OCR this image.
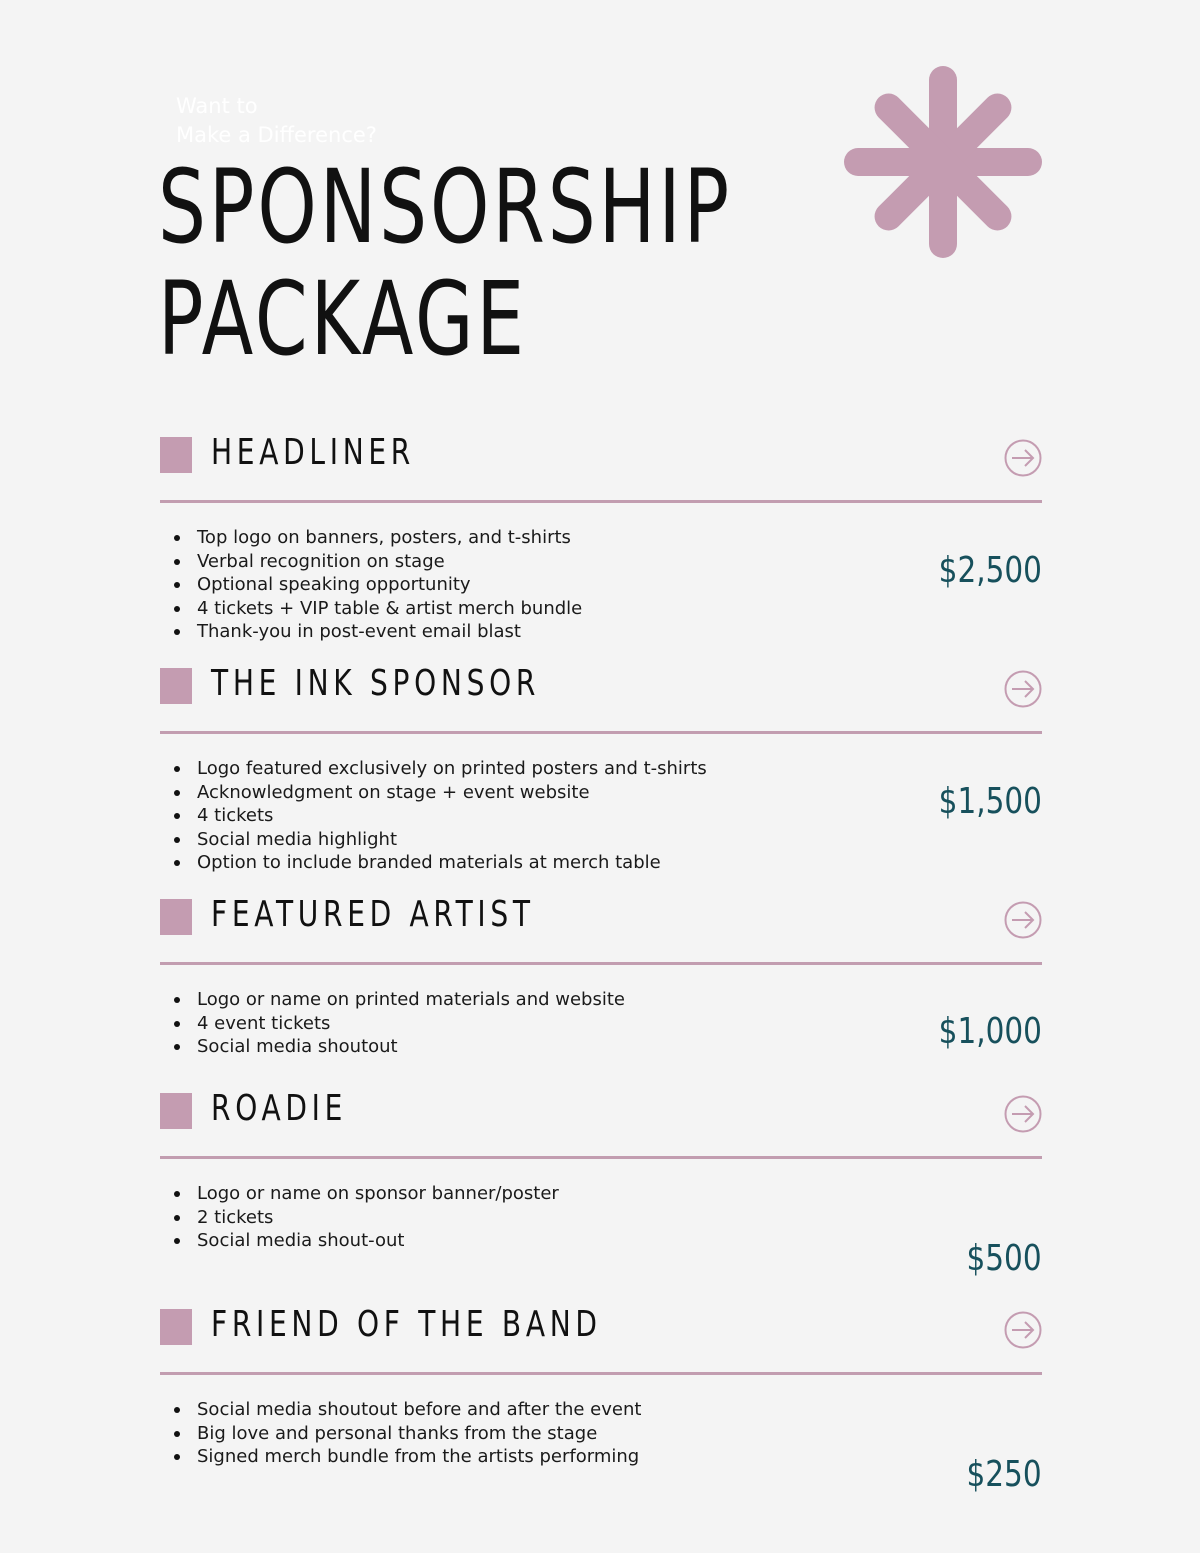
Want to
Make a Difference?
SPONSORSHIP
PACKAGE
HEADLINER
Top logo on banners, posters, and t-shirts
Verbal recognition on stage
Optional speaking opportunity
4 tickets + VIP table & artist merch bundle
Thank-you in post-event email blast
$2,500
THE INK SPONSOR
Logo featured exclusively on printed posters and t-shirts
Acknowledgment on stage + event website
4 tickets
Social media highlight
Option to include branded materials at merch table
$1,500
FEATURED ARTIST
Logo or name on printed materials and website
4 event tickets
Social media shoutout	$1,000
ROADIE
Logo or name on sponsor banner/poster
2 tickets
Social media shout-out	$500
FRIEND OF THE BAND
Social media shoutout before and after the event
Big love and personal thanks from the stage
Signed merch bundle from the artists performing	$250
